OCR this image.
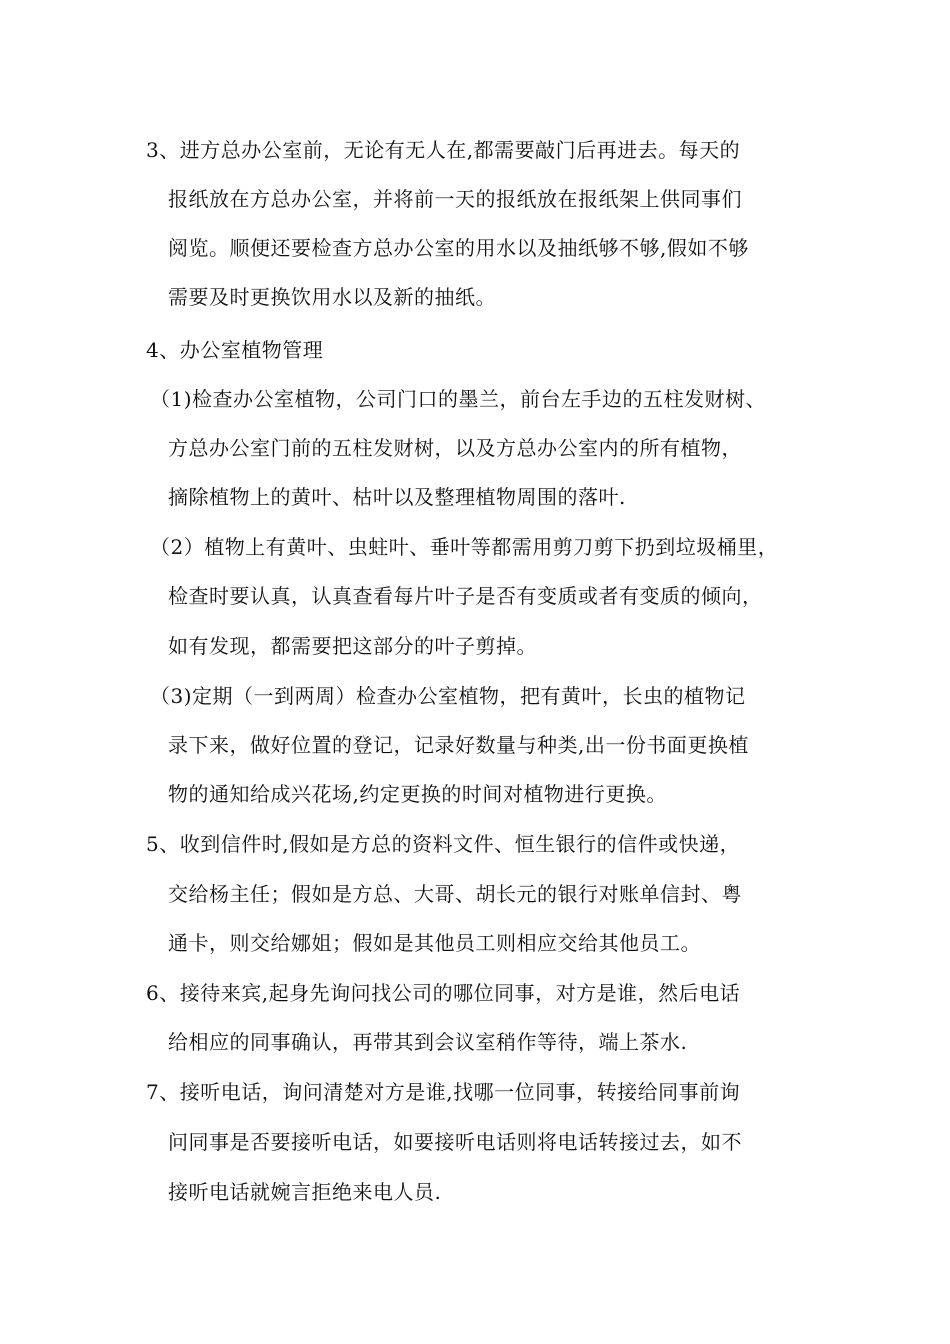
3、进方总办公室前，无论有无人在,都需要敲门后再进去。每天的
报纸放在方总办公室，并将前一天的报纸放在报纸架上供同事们
阅览。顺便还要检查方总办公室的用水以及抽纸够不够,假如不够
需要及时更换饮用水以及新的抽纸。
4、办公室植物管理
（1)检查办公室植物，公司门口的墨兰，前台左手边的五柱发财树、
方总办公室门前的五柱发财树，以及方总办公室内的所有植物，
摘除植物上的黄叶、枯叶以及整理植物周围的落叶.
（2）植物上有黄叶、虫蛀叶、垂叶等都需用剪刀剪下扔到垃圾桶里，
检查时要认真，认真查看每片叶子是否有变质或者有变质的倾向，
如有发现，都需要把这部分的叶子剪掉。
（3)定期（一到两周）检查办公室植物，把有黄叶，长虫的植物记
录下来，做好位置的登记，记录好数量与种类,出一份书面更换植
物的通知给成兴花场,约定更换的时间对植物进行更换。
5、收到信件时,假如是方总的资料文件、恒生银行的信件或快递，
交给杨主任；假如是方总、大哥、胡长元的银行对账单信封、粤
通卡，则交给娜姐；假如是其他员工则相应交给其他员工。
6、接待来宾,起身先询问找公司的哪位同事，对方是谁，然后电话
给相应的同事确认，再带其到会议室稍作等待，端上茶水.
7、接听电话，询问清楚对方是谁,找哪一位同事，转接给同事前询
问同事是否要接听电话，如要接听电话则将电话转接过去，如不
接听电话就婉言拒绝来电人员.
